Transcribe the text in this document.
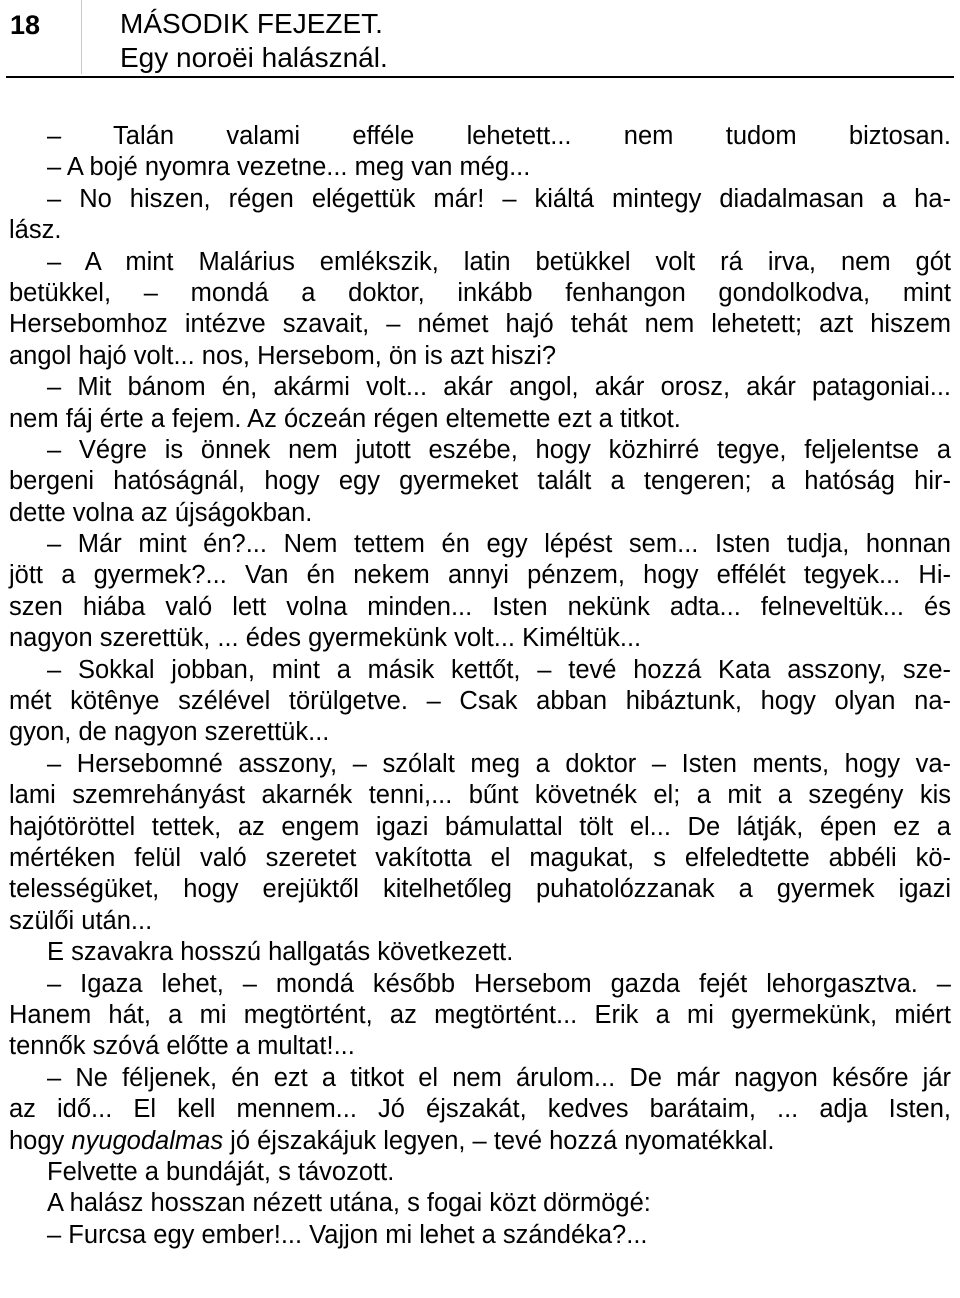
18	MÁSODIK FEJEZET.
Egy noroëi halásznál.
– Talán valami efféle lehetett... nem tudom biztosan.
– A bojé nyomra vezetne... meg van még...
– No hiszen, régen elégettük már! – kiáltá mintegy diadalmasan a ha-
lász.
– A mint Malárius emlékszik, latin betükkel volt rá irva, nem gót
betükkel, – mondá a doktor, inkább fenhangon gondolkodva, mint
Hersebomhoz intézve szavait, – német hajó tehát nem lehetett; azt hiszem
angol hajó volt... nos, Hersebom, ön is azt hiszi?
– Mit bánom én, akármi volt... akár angol, akár orosz, akár patagoniai...
nem fáj érte a fejem. Az óczeán régen eltemette ezt a titkot.
– Végre is önnek nem jutott eszébe, hogy közhirré tegye, feljelentse a
bergeni hatóságnál, hogy egy gyermeket talált a tengeren; a hatóság hir-
dette volna az újságokban.
– Már mint én?... Nem tettem én egy lépést sem... Isten tudja, honnan
jött a gyermek?... Van én nekem annyi pénzem, hogy effélét tegyek... Hi-
szen hiába való lett volna minden... Isten nekünk adta... felneveltük... és
nagyon szerettük, ... édes gyermekünk volt... Kiméltük...
– Sokkal jobban, mint a másik kettőt, – tevé hozzá Kata asszony, sze-
mét kötênye szélével törülgetve. – Csak abban hibáztunk, hogy olyan na-
gyon, de nagyon szerettük...
– Hersebomné asszony, – szólalt meg a doktor – Isten ments, hogy va-
lami szemrehányást akarnék tenni,... bűnt követnék el; a mit a szegény kis
hajótöröttel tettek, az engem igazi bámulattal tölt el... De látják, épen ez a
mértéken felül való szeretet vakította el magukat, s elfeledtette abbéli kö-
telességüket, hogy erejüktől kitelhetőleg puhatolózzanak a gyermek igazi
szülői után...
E szavakra hosszú hallgatás következett.
– Igaza lehet, – mondá később Hersebom gazda fejét lehorgasztva. –
Hanem hát, a mi megtörtént, az megtörtént... Erik a mi gyermekünk, miért
tennők szóvá előtte a multat!...
– Ne féljenek, én ezt a titkot el nem árulom... De már nagyon későre jár
az idő... El kell mennem... Jó éjszakát, kedves barátaim, ... adja Isten,
hogy nyugodalmas jó éjszakájuk legyen, – tevé hozzá nyomatékkal.
Felvette a bundáját, s távozott.
A halász hosszan nézett utána, s fogai közt dörmögé:
– Furcsa egy ember!... Vajjon mi lehet a szándéka?...
